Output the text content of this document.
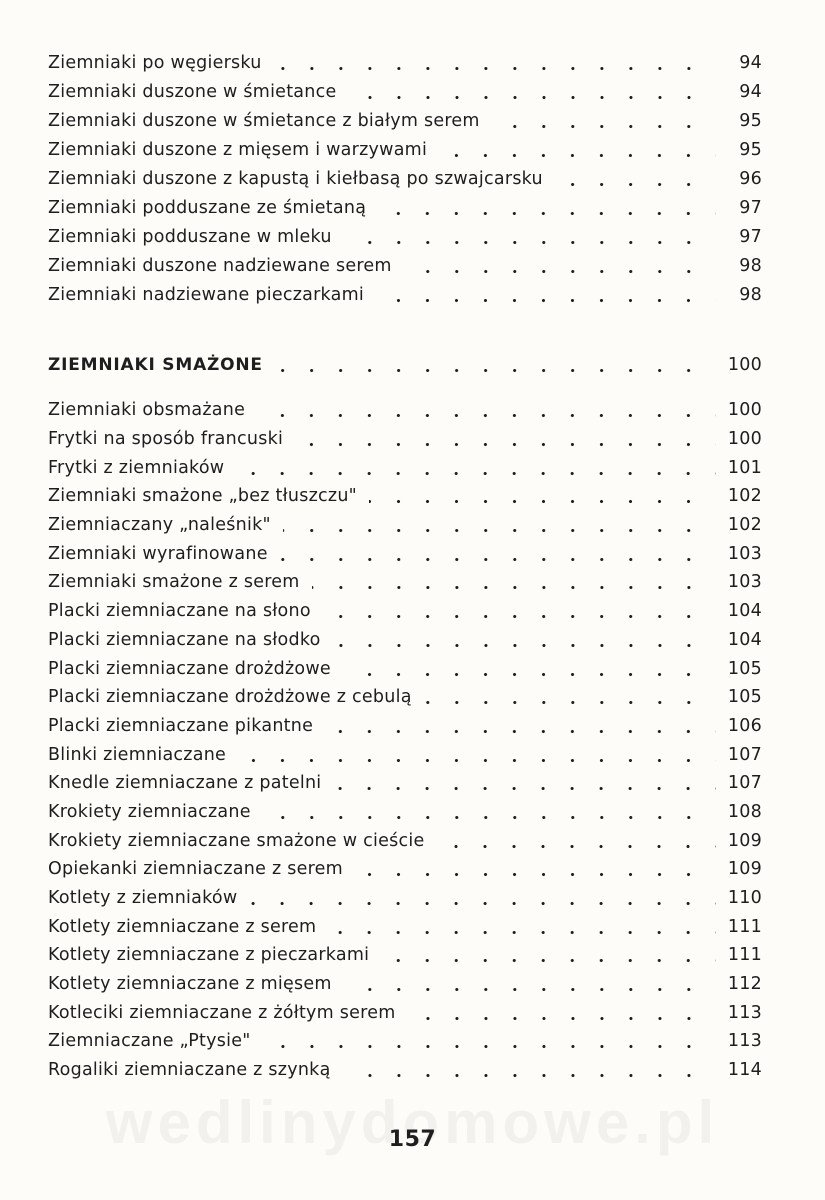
Ziemniaki po węgiersku	94
Ziemniaki duszone w śmietance	94
Ziemniaki duszone w śmietance z białym serem	95
Ziemniaki duszone z mięsem i warzywami	95
Ziemniaki duszone z kapustą i kiełbasą po szwajcarsku	96
Ziemniaki podduszane ze śmietaną	97
Ziemniaki podduszane w mleku	97
Ziemniaki duszone nadziewane serem	98
Ziemniaki nadziewane pieczarkami	98
ZIEMNIAKI SMAŻONE	100
Ziemniaki obsmażane	100
Frytki na sposób francuski	100
Frytki z ziemniaków	101
Ziemniaki smażone „bez tłuszczu"	102
Ziemniaczany „naleśnik"	102
Ziemniaki wyrafinowane	103
Ziemniaki smażone z serem	103
Placki ziemniaczane na słono	104
Placki ziemniaczane na słodko	104
Placki ziemniaczane drożdżowe	105
Placki ziemniaczane drożdżowe z cebulą	105
Placki ziemniaczane pikantne	106
Blinki ziemniaczane	107
Knedle ziemniaczane z patelni	107
Krokiety ziemniaczane	108
Krokiety ziemniaczane smażone w cieście	109
Opiekanki ziemniaczane z serem	109
Kotlety z ziemniaków	110
Kotlety ziemniaczane z serem	111
Kotlety ziemniaczane z pieczarkami	111
Kotlety ziemniaczane z mięsem	112
Kotleciki ziemniaczane z żółtym serem	113
Ziemniaczane „Ptysie"	113
Rogaliki ziemniaczane z szynką	114
157
